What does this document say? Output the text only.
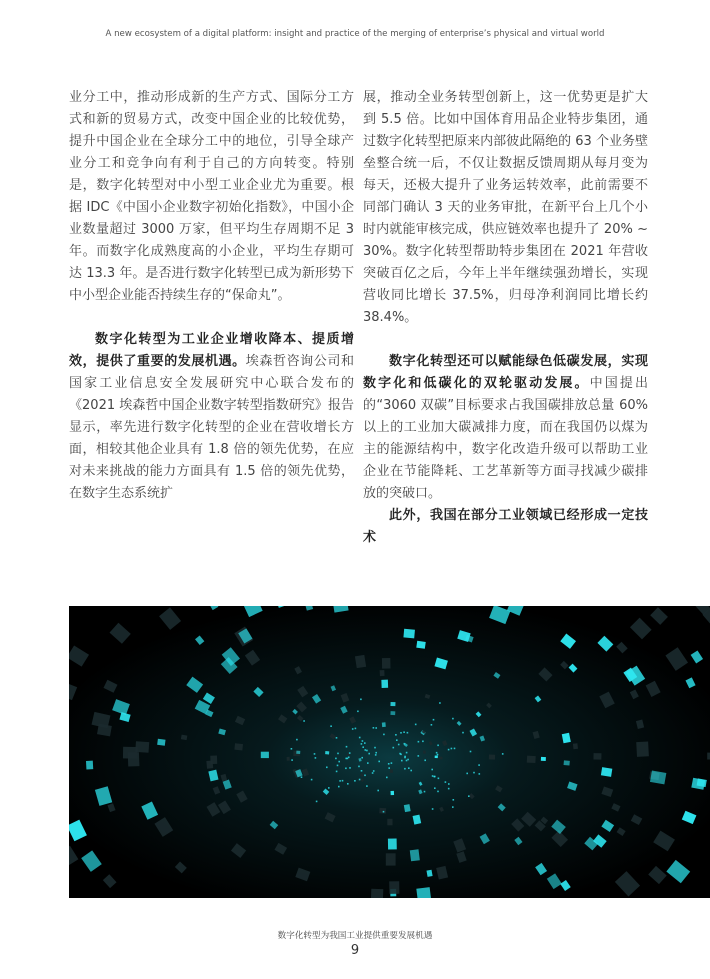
A new ecosystem of a digital platform: insight and practice of the merging of enterprise’s physical and virtual world

业分工中，推动形成新的生产方式、国际分工方式和新的贸易方式，改变中国企业的比较优势，提升中国企业在全球分工中的地位，引导全球产业分工和竞争向有利于自己的方向转变。特别是，数字化转型对中小型工业企业尤为重要。根据 IDC《中国小企业数字初始化指数》，中国小企业数量超过 3000 万家，但平均生存周期不足 3 年。而数字化成熟度高的小企业，平均生存期可达 13.3 年。是否进行数字化转型已成为新形势下中小型企业能否持续生存的“保命丸”。

数字化转型为工业企业增收降本、提质增效，提供了重要的发展机遇。埃森哲咨询公司和国家工业信息安全发展研究中心联合发布的《2021 埃森哲中国企业数字转型指数研究》报告显示，率先进行数字化转型的企业在营收增长方面，相较其他企业具有 1.8 倍的领先优势，在应对未来挑战的能力方面具有 1.5 倍的领先优势，在数字生态系统扩

展，推动全业务转型创新上，这一优势更是扩大到 5.5 倍。比如中国体育用品企业特步集团，通过数字化转型把原来内部彼此隔绝的 63 个业务壁垒整合统一后，不仅让数据反馈周期从每月变为每天，还极大提升了业务运转效率，此前需要不同部门确认 3 天的业务审批，在新平台上几个小时内就能审核完成，供应链效率也提升了 20% ~ 30%。数字化转型帮助特步集团在 2021 年营收突破百亿之后，今年上半年继续强劲增长，实现营收同比增长 37.5%，归母净利润同比增长约 38.4%。

数字化转型还可以赋能绿色低碳发展，实现数字化和低碳化的双轮驱动发展。中国提出的“3060 双碳”目标要求占我国碳排放总量 60% 以上的工业加大碳减排力度，而在我国仍以煤为主的能源结构中，数字化改造升级可以帮助工业企业在节能降耗、工艺革新等方面寻找减少碳排放的突破口。

此外，我国在部分工业领域已经形成一定技术

数字化转型为我国工业提供重要发展机遇
9
